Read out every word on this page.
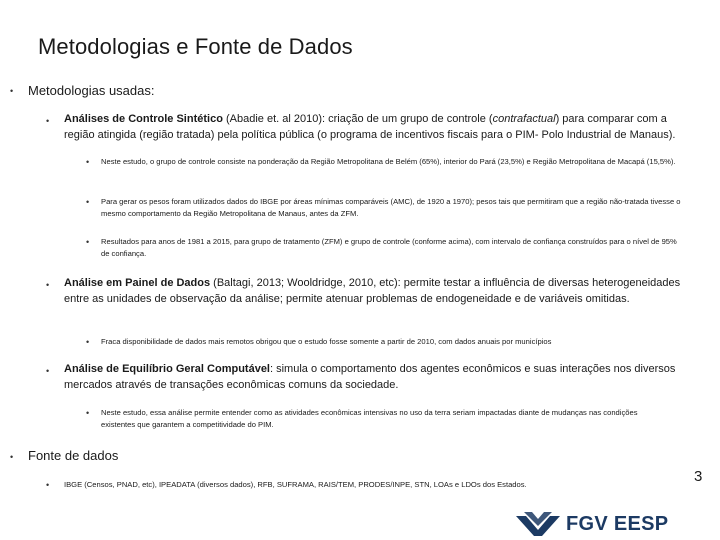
Metodologias e Fonte de Dados
• Metodologias usadas:
• Análises de Controle Sintético (Abadie et. al 2010): criação de um grupo de controle (contrafactual) para comparar com a região atingida (região tratada) pela política pública (o programa de incentivos fiscais para o PIM- Polo Industrial de Manaus).
• Neste estudo, o grupo de controle consiste na ponderação da Região Metropolitana de Belém (65%), interior do Pará (23,5%) e Região Metropolitana de Macapá (15,5%).
• Para gerar os pesos foram utilizados dados do IBGE por áreas mínimas comparáveis (AMC), de 1920 a 1970); pesos tais que permitiram que a região não-tratada tivesse o mesmo comportamento da Região Metropolitana de Manaus, antes da ZFM.
• Resultados para anos de 1981 a 2015, para grupo de tratamento (ZFM) e grupo de controle (conforme acima), com intervalo de confiança construídos para o nível de 95% de confiança.
• Análise em Painel de Dados (Baltagi, 2013; Wooldridge, 2010, etc): permite testar a influência de diversas heterogeneidades entre as unidades de observação da análise; permite atenuar problemas de endogeneidade e de variáveis omitidas.
• Fraca disponibilidade de dados mais remotos obrigou que o estudo fosse somente a partir de 2010, com dados anuais por municípios
• Análise de Equilíbrio Geral Computável: simula o comportamento dos agentes econômicos e suas interações nos diversos mercados através de transações econômicas comuns da sociedade.
• Neste estudo, essa análise permite entender como as atividades econômicas intensivas no uso da terra seriam impactadas diante de mudanças nas condições existentes que garantem a competitividade do PIM.
• Fonte de dados
• IBGE (Censos, PNAD, etc), IPEADATA (diversos dados), RFB, SUFRAMA, RAIS/TEM, PRODES/INPE, STN, LOAs e LDOs dos Estados.	3
FGV EESP
